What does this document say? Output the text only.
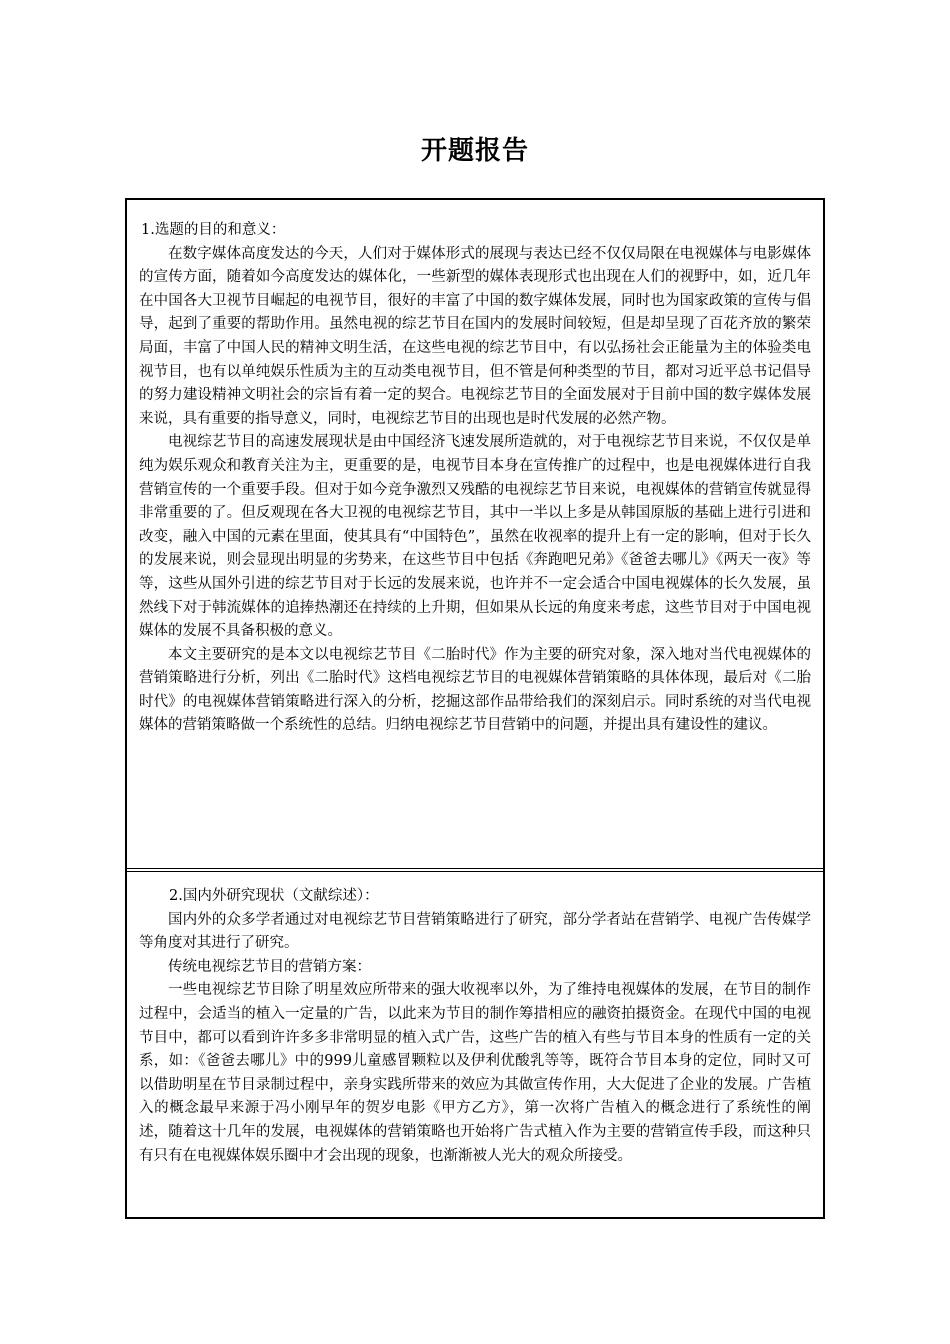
开题报告

1.选题的目的和意义：

在数字媒体高度发达的今天，人们对于媒体形式的展现与表达已经不仅仅局限在电视媒体与电影媒体的宣传方面，随着如今高度发达的媒体化，一些新型的媒体表现形式也出现在人们的视野中，如，近几年在中国各大卫视节目崛起的电视节目，很好的丰富了中国的数字媒体发展，同时也为国家政策的宣传与倡导，起到了重要的帮助作用。虽然电视的综艺节目在国内的发展时间较短，但是却呈现了百花齐放的繁荣局面，丰富了中国人民的精神文明生活，在这些电视的综艺节目中，有以弘扬社会正能量为主的体验类电视节目，也有以单纯娱乐性质为主的互动类电视节目，但不管是何种类型的节目，都对习近平总书记倡导的努力建设精神文明社会的宗旨有着一定的契合。电视综艺节目的全面发展对于目前中国的数字媒体发展来说，具有重要的指导意义，同时，电视综艺节目的出现也是时代发展的必然产物。

电视综艺节目的高速发展现状是由中国经济飞速发展所造就的，对于电视综艺节目来说，不仅仅是单纯为娱乐观众和教育关注为主，更重要的是，电视节目本身在宣传推广的过程中，也是电视媒体进行自我营销宣传的一个重要手段。但对于如今竞争激烈又残酷的电视综艺节目来说，电视媒体的营销宣传就显得非常重要的了。但反观现在各大卫视的电视综艺节目，其中一半以上多是从韩国原版的基础上进行引进和改变，融入中国的元素在里面，使其具有“中国特色”，虽然在收视率的提升上有一定的影响，但对于长久的发展来说，则会显现出明显的劣势来，在这些节目中包括《奔跑吧兄弟》《爸爸去哪儿》《两天一夜》等等，这些从国外引进的综艺节目对于长远的发展来说，也许并不一定会适合中国电视媒体的长久发展，虽然线下对于韩流媒体的追捧热潮还在持续的上升期，但如果从长远的角度来考虑，这些节目对于中国电视媒体的发展不具备积极的意义。

本文主要研究的是本文以电视综艺节目《二胎时代》作为主要的研究对象，深入地对当代电视媒体的营销策略进行分析，列出《二胎时代》这档电视综艺节目的电视媒体营销策略的具体体现，最后对《二胎时代》的电视媒体营销策略进行深入的分析，挖掘这部作品带给我们的深刻启示。同时系统的对当代电视媒体的营销策略做一个系统性的总结。归纳电视综艺节目营销中的问题，并提出具有建设性的建议。

2.国内外研究现状（文献综述）：

国内外的众多学者通过对电视综艺节目营销策略进行了研究，部分学者站在营销学、电视广告传媒学等角度对其进行了研究。

传统电视综艺节目的营销方案：

一些电视综艺节目除了明星效应所带来的强大收视率以外，为了维持电视媒体的发展，在节目的制作过程中，会适当的植入一定量的广告，以此来为节目的制作筹措相应的融资拍摄资金。在现代中国的电视节目中，都可以看到许许多多非常明显的植入式广告，这些广告的植入有些与节目本身的性质有一定的关系，如：《爸爸去哪儿》中的999儿童感冒颗粒以及伊利优酸乳等等，既符合节目本身的定位，同时又可以借助明星在节目录制过程中，亲身实践所带来的效应为其做宣传作用，大大促进了企业的发展。广告植入的概念最早来源于冯小刚早年的贺岁电影《甲方乙方》，第一次将广告植入的概念进行了系统性的阐述，随着这十几年的发展，电视媒体的营销策略也开始将广告式植入作为主要的营销宣传手段，而这种只有只有在电视媒体娱乐圈中才会出现的现象，也渐渐被人光大的观众所接受。
